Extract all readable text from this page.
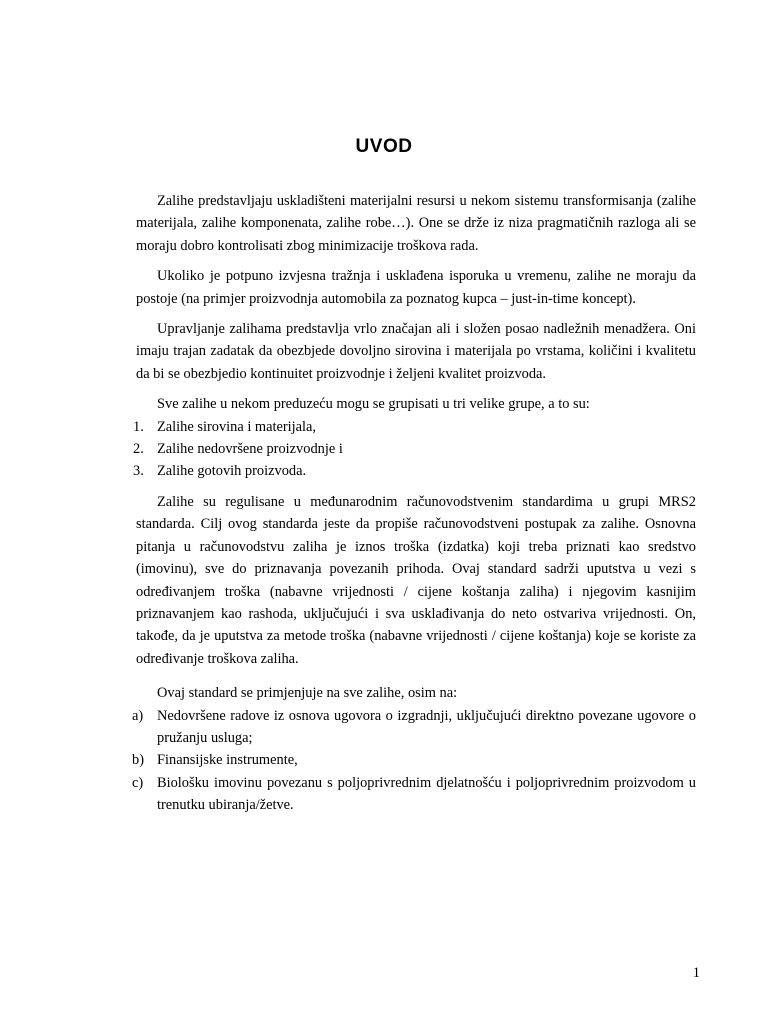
UVOD

Zalihe predstavljaju uskladišteni materijalni resursi u nekom sistemu transformisanja (zalihe materijala, zalihe komponenata, zalihe robe…). One se drže iz niza pragmatičnih razloga ali se moraju dobro kontrolisati zbog minimizacije troškova rada.

Ukoliko je potpuno izvjesna tražnja i usklađena isporuka u vremenu, zalihe ne moraju da postoje (na primjer proizvodnja automobila za poznatog kupca – just-in-time koncept).

Upravljanje zalihama predstavlja vrlo značajan ali i složen posao nadležnih menadžera. Oni imaju trajan zadatak da obezbjede dovoljno sirovina i materijala po vrstama, količini i kvalitetu da bi se obezbjedio kontinuitet proizvodnje i željeni kvalitet proizvoda.

Sve zalihe u nekom preduzeću mogu se grupisati u tri velike grupe, a to su:

1. Zalihe sirovina i materijala,
2. Zalihe nedovršene proizvodnje i
3. Zalihe gotovih proizvoda.

Zalihe su regulisane u međunarodnim računovodstvenim standardima u grupi MRS2 standarda. Cilj ovog standarda jeste da propiše računovodstveni postupak za zalihe. Osnovna pitanja u računovodstvu zaliha je iznos troška (izdatka) koji treba priznati kao sredstvo (imovinu), sve do priznavanja povezanih prihoda. Ovaj standard sadrži uputstva u vezi s određivanjem troška (nabavne vrijednosti / cijene koštanja zaliha) i njegovim kasnijim priznavanjem kao rashoda, uključujući i sva usklađivanja do neto ostvariva vrijednosti. On, takođe, da je uputstva za metode troška (nabavne vrijednosti / cijene koštanja) koje se koriste za određivanje troškova zaliha.

Ovaj standard se primjenjuje na sve zalihe, osim na:

a) Nedovršene radove iz osnova ugovora o izgradnji, uključujući direktno povezane ugovore o pružanju usluga;
b) Finansijske instrumente,
c) Biološku imovinu povezanu s poljoprivrednim djelatnošću i poljoprivrednim proizvodom u trenutku ubiranja/žetve.
1
